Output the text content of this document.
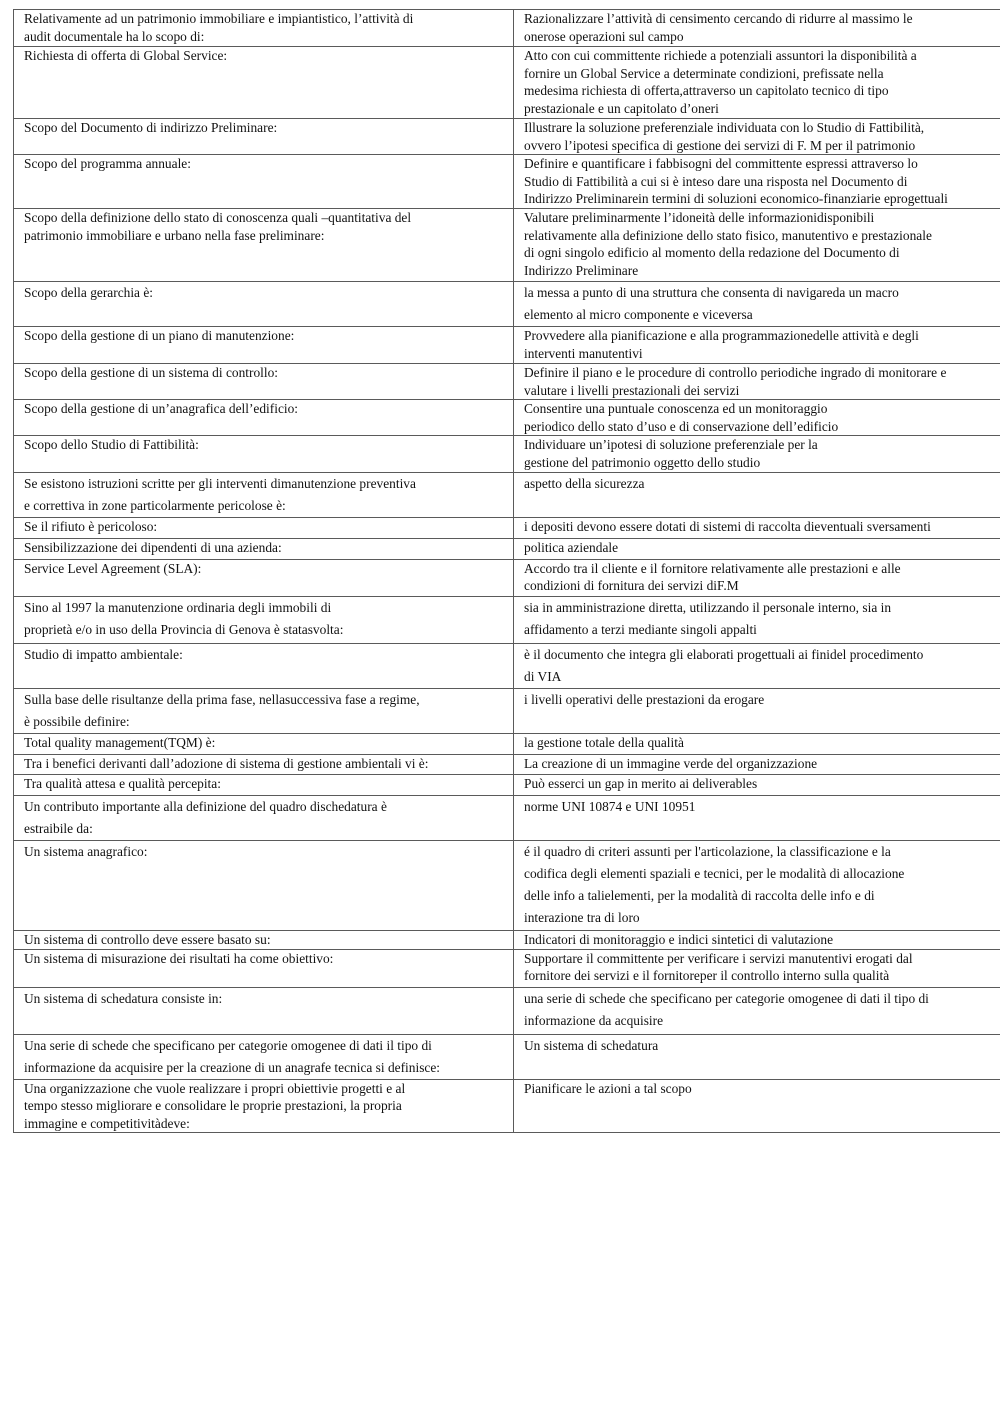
Relativamente ad un patrimonio immobiliare e impiantistico, l’attività di
audit documentale ha lo scopo di:	Razionalizzare l’attività di censimento cercando di ridurre al massimo le
onerose operazioni sul campo

Richiesta di offerta di Global Service:	Atto con cui committente richiede a potenziali assuntori la disponibilità a
fornire un Global Service a determinate condizioni, prefissate nella
medesima richiesta di offerta,attraverso un capitolato tecnico di tipo
prestazionale e un capitolato d’oneri

Scopo del Documento di indirizzo Preliminare:	Illustrare la soluzione preferenziale individuata con lo Studio di Fattibilità,
ovvero l’ipotesi specifica di gestione dei servizi di F. M per il patrimonio

Scopo del programma annuale:	Definire e quantificare i fabbisogni del committente espressi attraverso lo
Studio di Fattibilità a cui si è inteso dare una risposta nel Documento di
Indirizzo Preliminarein termini di soluzioni economico-finanziarie eprogettuali

Scopo della definizione dello stato di conoscenza quali –quantitativa del
patrimonio immobiliare e urbano nella fase preliminare:	Valutare preliminarmente l’idoneità delle informazionidisponibili
relativamente alla definizione dello stato fisico, manutentivo e prestazionale
di ogni singolo edificio al momento della redazione del Documento di
Indirizzo Preliminare

Scopo della gerarchia è:	la messa a punto di una struttura che consenta di navigareda un macro
elemento al micro componente e viceversa

Scopo della gestione di un piano di manutenzione:	Provvedere alla pianificazione e alla programmazionedelle attività e degli
interventi manutentivi

Scopo della gestione di un sistema di controllo:	Definire il piano e le procedure di controllo periodiche ingrado di monitorare e
valutare i livelli prestazionali dei servizi

Scopo della gestione di un’anagrafica dell’edificio:	Consentire una puntuale conoscenza ed un monitoraggio
periodico dello stato d’uso e di conservazione dell’edificio

Scopo dello Studio di Fattibilità:	Individuare un’ipotesi di soluzione preferenziale per la
gestione del patrimonio oggetto dello studio

Se esistono istruzioni scritte per gli interventi dimanutenzione preventiva
e correttiva in zone particolarmente pericolose è:	aspetto della sicurezza

Se il rifiuto è pericoloso:	i depositi devono essere dotati di sistemi di raccolta dieventuali sversamenti

Sensibilizzazione dei dipendenti di una azienda:	politica aziendale

Service Level Agreement (SLA):	Accordo tra il cliente e il fornitore relativamente alle prestazioni e alle
condizioni di fornitura dei servizi diF.M

Sino al 1997 la manutenzione ordinaria degli immobili di
proprietà e/o in uso della Provincia di Genova è statasvolta:	sia in amministrazione diretta, utilizzando il personale interno, sia in
affidamento a terzi mediante singoli appalti

Studio di impatto ambientale:	è il documento che integra gli elaborati progettuali ai finidel procedimento
di VIA

Sulla base delle risultanze della prima fase, nellasuccessiva fase a regime,
è possibile definire:	i livelli operativi delle prestazioni da erogare

Total quality management(TQM) è:	la gestione totale della qualità

Tra i benefici derivanti dall’adozione di sistema di gestione ambientali vi è:	La creazione di un immagine verde del organizzazione

Tra qualità attesa e qualità percepita:	Può esserci un gap in merito ai deliverables

Un contributo importante alla definizione del quadro dischedatura è
estraibile da:	norme UNI 10874 e UNI 10951

Un sistema anagrafico:	é il quadro di criteri assunti per l'articolazione, la classificazione e la
codifica degli elementi spaziali e tecnici, per le modalità di allocazione
delle info a talielementi, per la modalità di raccolta delle info e di
interazione tra di loro

Un sistema di controllo deve essere basato su:	Indicatori di monitoraggio e indici sintetici di valutazione

Un sistema di misurazione dei risultati ha come obiettivo:	Supportare il committente per verificare i servizi manutentivi erogati dal
fornitore dei servizi e il fornitoreper il controllo interno sulla qualità

Un sistema di schedatura consiste in:	una serie di schede che specificano per categorie omogenee di dati il tipo di
informazione da acquisire

Una serie di schede che specificano per categorie omogenee di dati il tipo di
informazione da acquisire per la creazione di un anagrafe tecnica si definisce:	Un sistema di schedatura

Una organizzazione che vuole realizzare i propri obiettivie progetti e al
tempo stesso migliorare e consolidare le proprie prestazioni, la propria
immagine e competitivitàdeve:	Pianificare le azioni a tal scopo
